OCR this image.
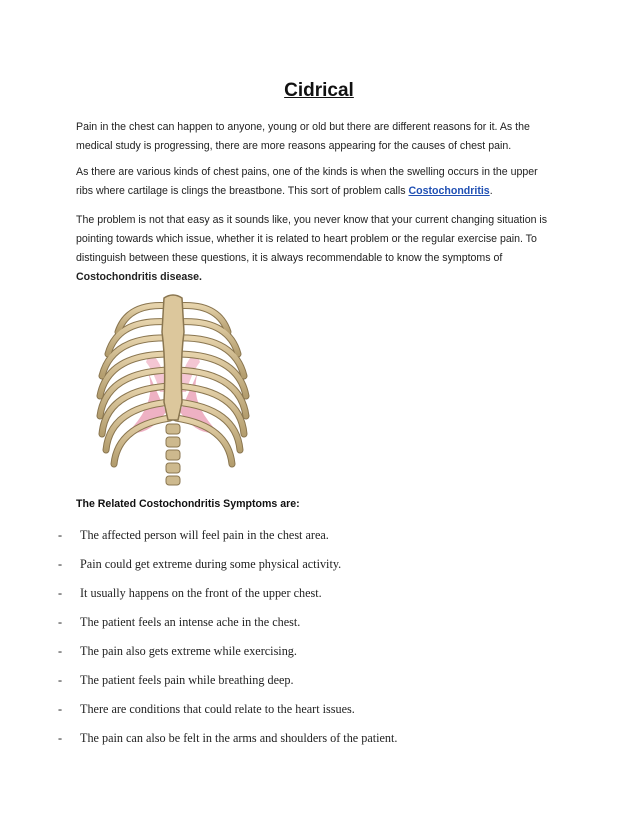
Cidrical
Pain in the chest can happen to anyone, young or old but there are different reasons for it. As the medical study is progressing, there are more reasons appearing for the causes of chest pain.
As there are various kinds of chest pains, one of the kinds is when the swelling occurs in the upper ribs where cartilage is clings the breastbone. This sort of problem calls Costochondritis.
The problem is not that easy as it sounds like, you never know that your current changing situation is pointing towards which issue, whether it is related to heart problem or the regular exercise pain. To distinguish between these questions, it is always recommendable to know the symptoms of Costochondritis disease.
The Related Costochondritis Symptoms are:
- The affected person will feel pain in the chest area.
- Pain could get extreme during some physical activity.
- It usually happens on the front of the upper chest.
- The patient feels an intense ache in the chest.
- The pain also gets extreme while exercising.
- The patient feels pain while breathing deep.
- There are conditions that could relate to the heart issues.
- The pain can also be felt in the arms and shoulders of the patient.
